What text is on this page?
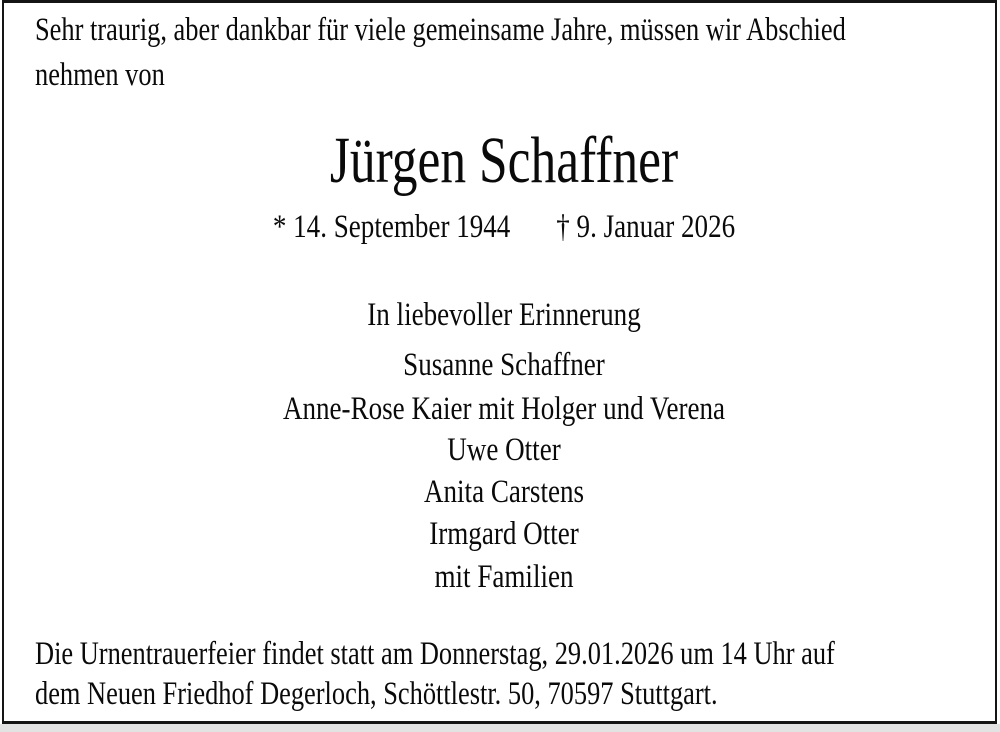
Sehr traurig, aber dankbar für viele gemeinsame Jahre, müssen wir Abschied
nehmen von
Jürgen Schaffner
* 14. September 1944 † 9. Januar 2026
In liebevoller Erinnerung
Susanne Schaffner
Anne-Rose Kaier mit Holger und Verena
Uwe Otter
Anita Carstens
Irmgard Otter
mit Familien
Die Urnentrauerfeier findet statt am Donnerstag, 29.01.2026 um 14 Uhr auf
dem Neuen Friedhof Degerloch, Schöttlestr. 50, 70597 Stuttgart.
